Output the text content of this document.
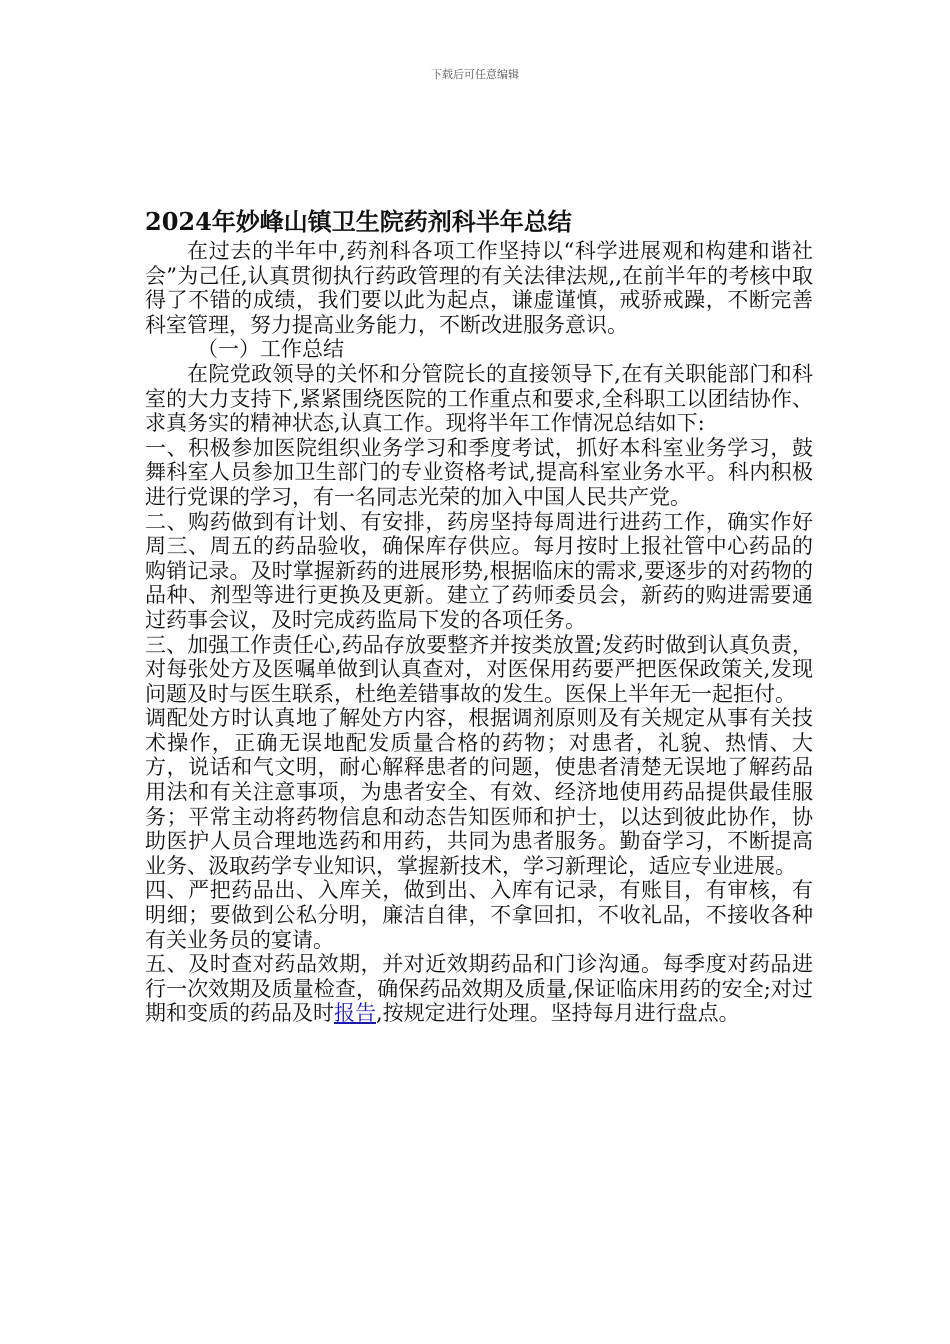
下载后可任意编辑
2024年妙峰山镇卫生院药剂科半年总结

在过去的半年中,药剂科各项工作坚持以“科学进展观和构建和谐社会”为己任,认真贯彻执行药政管理的有关法律法规,,在前半年的考核中取得了不错的成绩，我们要以此为起点，谦虚谨慎，戒骄戒躁，不断完善科室管理，努力提高业务能力，不断改进服务意识。

（一）工作总结

在院党政领导的关怀和分管院长的直接领导下,在有关职能部门和科室的大力支持下,紧紧围绕医院的工作重点和要求,全科职工以团结协作、求真务实的精神状态,认真工作。现将半年工作情况总结如下:

一、积极参加医院组织业务学习和季度考试，抓好本科室业务学习，鼓舞科室人员参加卫生部门的专业资格考试,提高科室业务水平。科内积极进行党课的学习，有一名同志光荣的加入中国人民共产党。

二、购药做到有计划、有安排，药房坚持每周进行进药工作，确实作好周三、周五的药品验收，确保库存供应。每月按时上报社管中心药品的购销记录。及时掌握新药的进展形势,根据临床的需求,要逐步的对药物的品种、剂型等进行更换及更新。建立了药师委员会，新药的购进需要通过药事会议，及时完成药监局下发的各项任务。

三、加强工作责任心,药品存放要整齐并按类放置;发药时做到认真负责，对每张处方及医嘱单做到认真查对，对医保用药要严把医保政策关,发现问题及时与医生联系，杜绝差错事故的发生。医保上半年无一起拒付。

调配处方时认真地了解处方内容，根据调剂原则及有关规定从事有关技术操作，正确无误地配发质量合格的药物；对患者，礼貌、热情、大方，说话和气文明，耐心解释患者的问题，使患者清楚无误地了解药品用法和有关注意事项，为患者安全、有效、经济地使用药品提供最佳服务；平常主动将药物信息和动态告知医师和护士，以达到彼此协作，协助医护人员合理地选药和用药，共同为患者服务。勤奋学习，不断提高业务、汲取药学专业知识，掌握新技术，学习新理论，适应专业进展。

四、严把药品出、入库关，做到出、入库有记录，有账目，有审核，有明细；要做到公私分明，廉洁自律，不拿回扣，不收礼品，不接收各种有关业务员的宴请。

五、及时查对药品效期，并对近效期药品和门诊沟通。每季度对药品进行一次效期及质量检查，确保药品效期及质量,保证临床用药的安全;对过期和变质的药品及时报告,按规定进行处理。坚持每月进行盘点。
